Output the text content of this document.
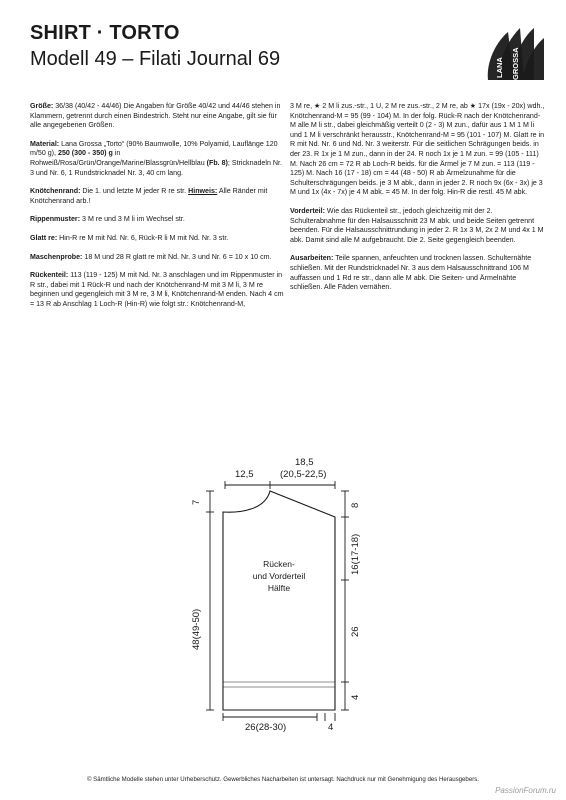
SHIRT · TORTO
Modell 49 – Filati Journal 69	LANA GROSSA

Größe: 36/38 (40/42 - 44/46) Die Angaben für Größe 40/42 und 44/46 stehen in Klammern, getrennt durch einen Bindestrich. Steht nur eine Angabe, gilt sie für alle angegebenen Größen.

Material: Lana Grossa „Torto“ (90% Baumwolle, 10% Polyamid, Lauflänge 120 m/50 g), 250 (300 - 350) g in Rohweiß/Rosa/Grün/Orange/Marine/Blassgrün/Hellblau (Fb. 8); Stricknadeln Nr. 3 und Nr. 6, 1 Rundstricknadel Nr. 3, 40 cm lang.

Knötchenrand: Die 1. und letzte M jeder R re str. Hinweis: Alle Ränder mit Knötchenrand arb.!

Rippenmuster: 3 M re und 3 M li im Wechsel str.

Glatt re: Hin-R re M mit Nd. Nr. 6, Rück-R li M mit Nd. Nr. 3 str.

Maschenprobe: 18 M und 28 R glatt re mit Nd. Nr. 3 und Nr. 6 = 10 x 10 cm.

Rückenteil: 113 (119 - 125) M mit Nd. Nr. 3 anschlagen und im Rippenmuster in R str., dabei mit 1 Rück-R und nach der Knötchenrand-M mit 3 M li, 3 M re beginnen und gegengleich mit 3 M re, 3 M li, Knötchenrand-M enden. Nach 4 cm = 13 R ab Anschlag 1 Loch-R (Hin-R) wie folgt str.: Knötchenrand-M,

3 M re, ★ 2 M li zus.-str., 1 U, 2 M re zus.-str., 2 M re, ab ★ 17x (19x - 20x) wdh., Knötchenrand-M = 95 (99 - 104) M. In der folg. Rück-R nach der Knötchenrand-M alle M li str., dabei gleichmäßig verteilt 0 (2 - 3) M zun., dafür aus 1 M 1 M li und 1 M li verschränkt herausstr., Knötchenrand-M = 95 (101 - 107) M. Glatt re in R mit Nd. Nr. 6 und Nd. Nr. 3 weiterstr. Für die seitlichen Schrägungen beids. in der 23. R 1x je 1 M zun., dann in der 24. R noch 1x je 1 M zun. = 99 (105 - 111) M. Nach 26 cm = 72 R ab Loch-R beids. für die Ärmel je 7 M zun. = 113 (119 - 125) M. Nach 16 (17 - 18) cm = 44 (48 - 50) R ab Ärmelzunahme für die Schulterschrägungen beids. je 3 M abk., dann in jeder 2. R noch 9x (6x - 3x) je 3 M und 1x (4x - 7x) je 4 M abk. = 45 M. In der folg. Hin-R die restl. 45 M abk.

Vorderteil: Wie das Rückenteil str., jedoch gleichzeitig mit der 2. Schulterabnahme für den Halsausschnitt 23 M abk. und beide Seiten getrennt beenden. Für die Halsausschnittrundung in jeder 2. R 1x 3 M, 2x 2 M und 4x 1 M abk. Damit sind alle M aufgebraucht. Die 2. Seite gegengleich beenden.

Ausarbeiten: Teile spannen, anfeuchten und trocknen lassen. Schulternähte schließen. Mit der Rundstricknadel Nr. 3 aus dem Halsausschnittrand 106 M auffassen und 1 Rd re str., dann alle M abk. Die Seiten- und Ärmelnähte schließen. Alle Fäden vernähen.

12,5
18,5
(20,5-22,5)
7
48(49-50)
8
16(17-18)
26
4
26(28-30)	4
Rücken-
und Vorderteil
Hälfte
© Sämtliche Modelle stehen unter Urheberschutz. Gewerbliches Nacharbeiten ist untersagt. Nachdruck nur mit Genehmigung des Herausgebers.
PassionForum.ru
